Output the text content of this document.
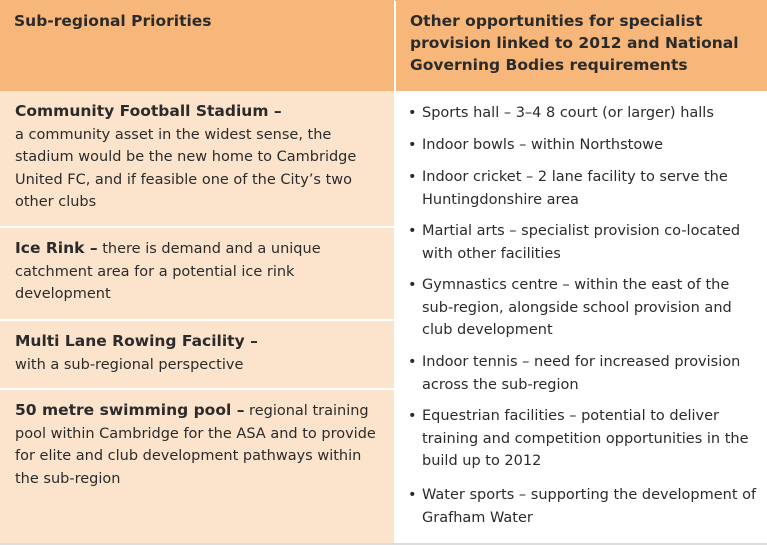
Sub-regional Priorities	Other opportunities for specialist provision linked to 2012 and National Governing Bodies requirements
Community Football Stadium –
a community asset in the widest sense, the stadium would be the new home to Cambridge United FC, and if feasible one of the City’s two other clubs
Ice Rink – there is demand and a unique catchment area for a potential ice rink development
Multi Lane Rowing Facility –
with a sub-regional perspective
50 metre swimming pool – regional training pool within Cambridge for the ASA and to provide for elite and club development pathways within the sub-region
• Sports hall – 3–4 8 court (or larger) halls
• Indoor bowls – within Northstowe
• Indoor cricket – 2 lane facility to serve the Huntingdonshire area
• Martial arts – specialist provision co-located with other facilities
• Gymnastics centre – within the east of the sub-region, alongside school provision and club development
• Indoor tennis – need for increased provision across the sub-region
• Equestrian facilities – potential to deliver training and competition opportunities in the build up to 2012
• Water sports – supporting the development of Grafham Water
